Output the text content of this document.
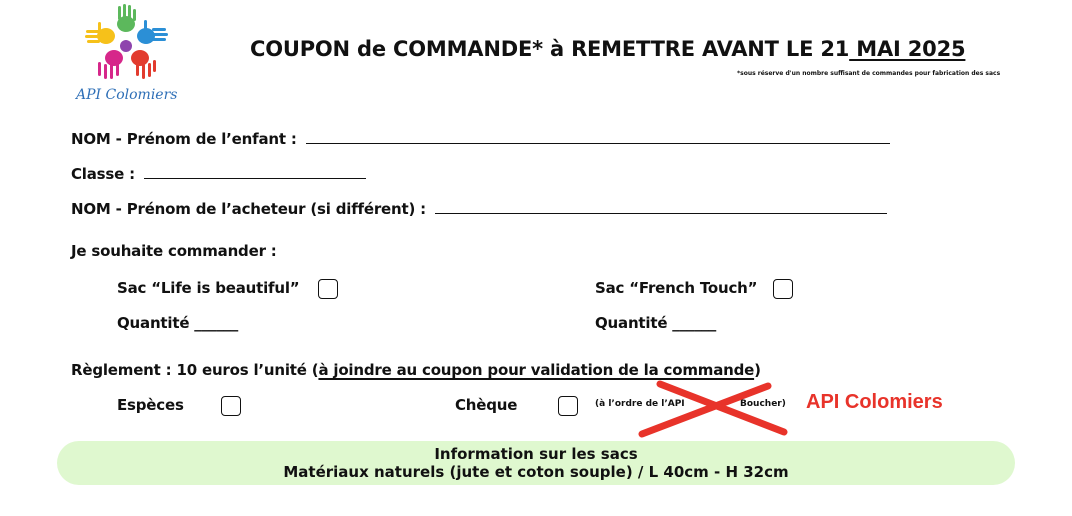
API Colomiers
COUPON de COMMANDE* à REMETTRE AVANT LE 21 MAI 2025
*sous réserve d'un nombre suffisant de commandes pour fabrication des sacs
NOM - Prénom de l’enfant :
Classe :
NOM - Prénom de l’acheteur (si différent) :
Je souhaite commander :
Sac “Life is beautiful”	Sac “French Touch”
Quantité ______	Quantité ______
Règlement : 10 euros l’unité (à joindre au coupon pour validation de la commande)
Espèces	Chèque	(à l’ordre de l’API	Boucher) API Colomiers
Information sur les sacs
Matériaux naturels (jute et coton souple) / L 40cm - H 32cm
